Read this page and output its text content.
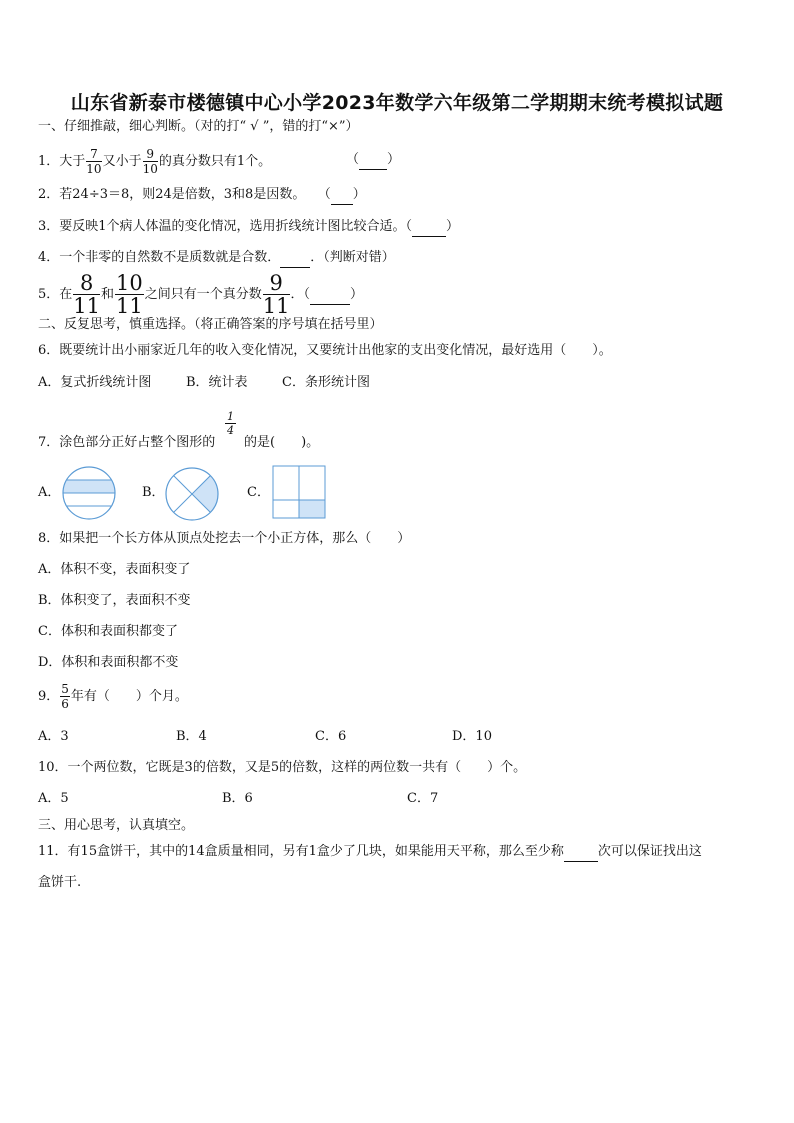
山东省新泰市楼德镇中心小学2023年数学六年级第二学期期末统考模拟试题
一、仔细推敲，细心判断。（对的打“ √ ”，错的打“×”）
1．大于 $\frac{7}{10}$ 又小于 $\frac{9}{10}$ 的真分数只有1个。	（ ）
2．若24÷3＝8，则24是倍数，3和8是因数。 （ ）
3．要反映1个病人体温的变化情况，选用折线统计图比较合适。（	）
4．一个非零的自然数不是质数就是合数． ．（判断对错）
5．在 $\frac{8}{11}$ 和 $\frac{10}{11}$ 之间只有一个真分数 $\frac{9}{11}$ ．（	）
二、反复思考，慎重选择。（将正确答案的序号填在括号里）
6．既要统计出小丽家近几年的收入变化情况，又要统计出他家的支出变化情况，最好选用（　　）。
A．复式折线统计图	B．统计表	C．条形统计图
7．涂色部分正好占整个图形的
1
4
的是(　　)。
A．	B．	C．
8．如果把一个长方体从顶点处挖去一个小正方体，那么（　　）
A．体积不变，表面积变了
B．体积变了，表面积不变
C．体积和表面积都变了
D．体积和表面积都不变
9． $\frac{5}{6}$ 年有（　　）个月。
A．3	B．4	C．6	D．10
10．一个两位数，它既是3的倍数，又是5的倍数，这样的两位数一共有（　　）个。
A．5	B．6	C．7
三、用心思考，认真填空。
11．有15盒饼干，其中的14盒质量相同，另有1盒少了几块，如果能用天平称，那么至少称	次可以保证找出这
盒饼干.
